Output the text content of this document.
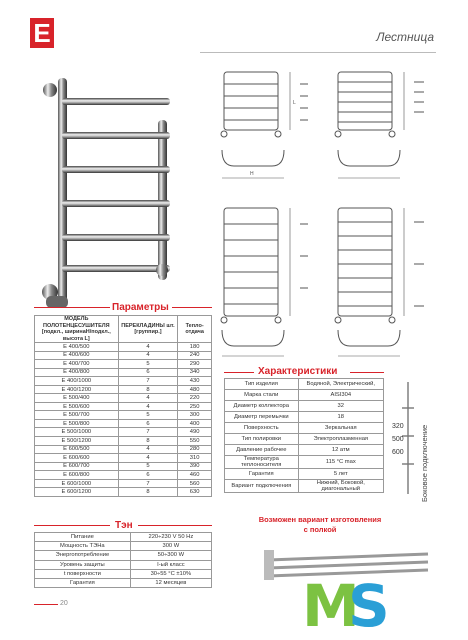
E	Лестница
L
H
Параметры
МОДЕЛЬ ПОЛОТЕНЦЕСУШИТЕЛЯ [подкл., ширинаН/подкл., высота L]	ПЕРЕКЛАДИНЫ шт. [группир.]	Тепло-отдача
Е 400/500	4	180
Е 400/600	4	240
Е 400/700	5	290
Е 400/800	6	340
Е 400/1000	7	430
Е 400/1200	8	480
Е 500/400	4	220
Е 500/600	4	250
Е 500/700	5	300
Е 500/800	6	400
Е 500/1000	7	490
Е 500/1200	8	550
Е 600/500	4	280
Е 600/600	4	310
Е 600/700	5	390
Е 600/800	6	460
Е 600/1000	7	560
Е 600/1200	8	630
Тэн
Питание	220÷230 V 50 Hz
Мощность ТЭНа	300 W
Энергопотребление	50÷300 W
Уровень защиты	I-ый класс
t поверхности	30÷55 °C ±10%
Гарантия	12 месяцев
Характеристики
Тип изделия	Водяной, Электрический,
Марка стали	AISI304
Диаметр коллектора	32
Диаметр перемычки	18
Поверхность	Зеркальная
Тип полировки	Электроплазменная
Давление рабочее	12 атм
Температура теплоносителя	115 °С max
Гарантия	5 лет
Вариант подключения	Нижний, Боковой, диагональный
320
500
600 Боковое подключение
Возможен вариант изготовления
с полкой
M
S
20
